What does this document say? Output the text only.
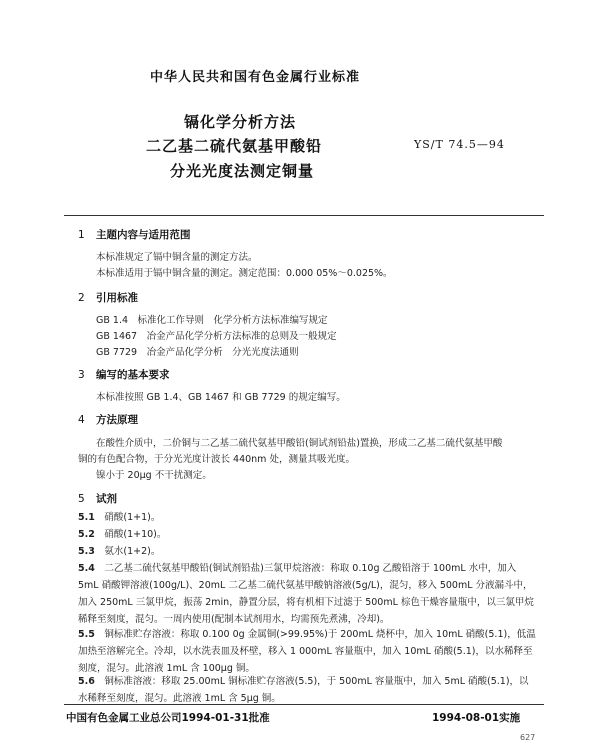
中华人民共和国有色金属行业标准
镉化学分析方法
二乙基二硫代氨基甲酸铅
分光光度法测定铜量
YS/T 74.5—94
1 主题内容与适用范围
本标准规定了镉中铜含量的测定方法。
本标准适用于镉中铜含量的测定。测定范围：0.000 05%～0.025%。
2 引用标准
GB 1.4　标准化工作导则　化学分析方法标准编写规定
GB 1467　冶金产品化学分析方法标准的总则及一般规定
GB 7729　冶金产品化学分析　分光光度法通则
3 编写的基本要求
本标准按照 GB 1.4、GB 1467 和 GB 7729 的规定编写。
4 方法原理
在酸性介质中，二价铜与二乙基二硫代氨基甲酸铅(铜试剂铅盐)置换，形成二乙基二硫代氨基甲酸
铜的有色配合物，于分光光度计波长 440nm 处，测量其吸光度。
镍小于 20μg 不干扰测定。
5 试剂
5.1　 硝酸(1+1)。
5.2　 硝酸(1+10)。
5.3　 氨水(1+2)。
5.4　 二乙基二硫代氨基甲酸铅(铜试剂铅盐)三氯甲烷溶液：称取 0.10g 乙酸铅溶于 100mL 水中，加入 5mL 硝酸钾溶液(100g/L)、20mL 二乙基二硫代氨基甲酸钠溶液(5g/L)，混匀，移入 500mL 分液漏斗中，加入 250mL 三氯甲烷，振荡 2min，静置分层，将有机相下过滤于 500mL 棕色干燥容量瓶中，以三氯甲烷稀释至刻度，混匀。一周内使用(配制本试剂用水，均需预先煮沸，冷却)。
5.5　 铜标准贮存溶液：称取 0.100 0g 金属铜(>99.95%)于 200mL 烧杯中，加入 10mL 硝酸(5.1)，低温加热至溶解完全。冷却，以水洗表皿及杯壁，移入 1 000mL 容量瓶中，加入 10mL 硝酸(5.1)，以水稀释至刻度，混匀。此溶液 1mL 含 100μg 铜。
5.6　 铜标准溶液：移取 25.00mL 铜标准贮存溶液(5.5)，于 500mL 容量瓶中，加入 5mL 硝酸(5.1)，以水稀释至刻度，混匀。此溶液 1mL 含 5μg 铜。
中国有色金属工业总公司1994-01-31批准	1994-08-01实施
627
